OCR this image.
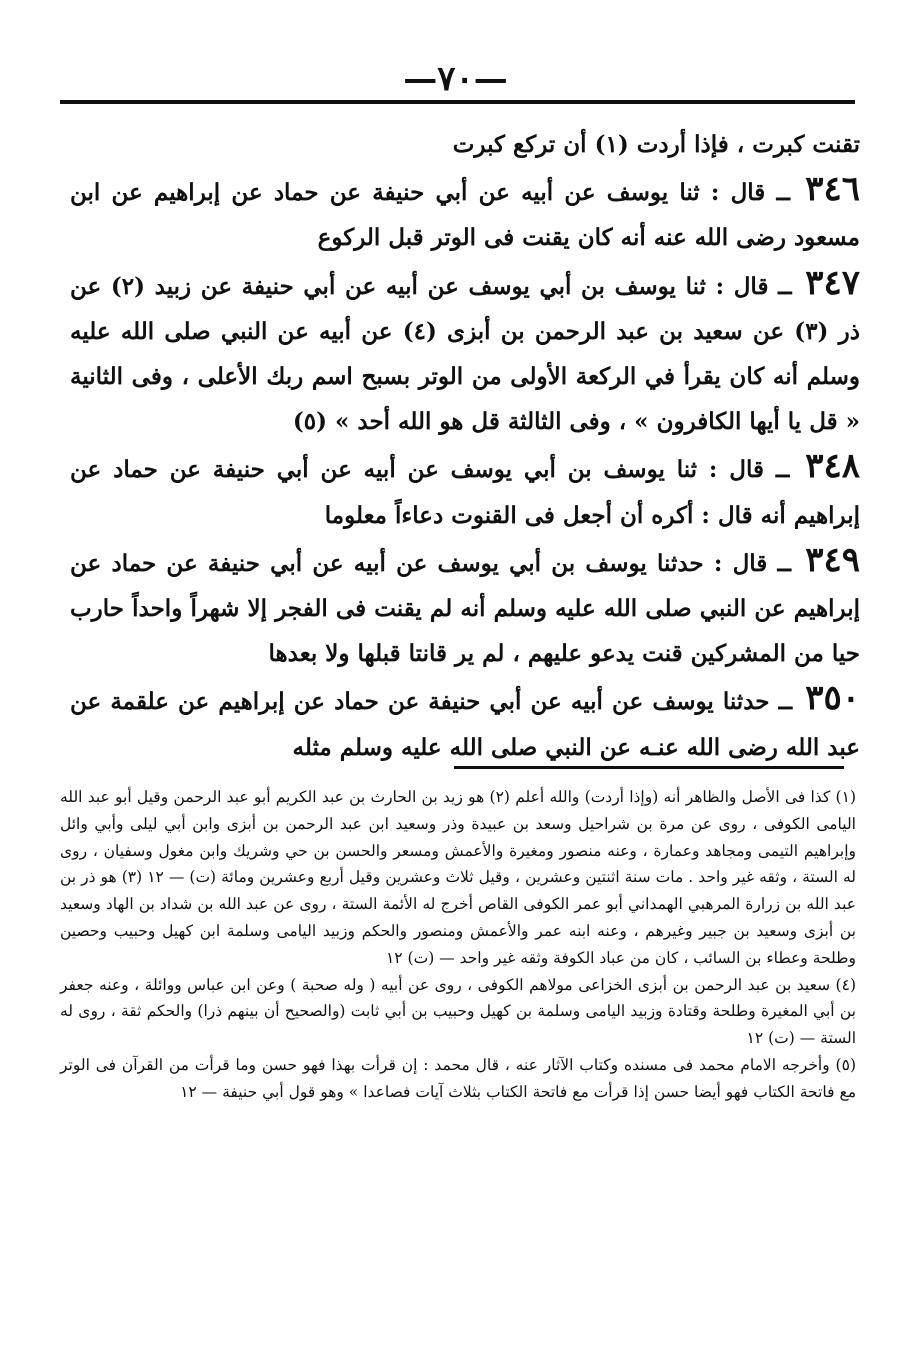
—٧٠—

تقنت كبرت ، فإذا أردت (١) أن تركع كبرت

٣٤٦ ــ قال : ثنا يوسف عن أبيه عن أبي حنيفة عن حماد عن إبراهيم عن ابن مسعود رضى الله عنه أنه كان يقنت فى الوتر قبل الركوع

٣٤٧ ــ قال : ثنا يوسف بن أبي يوسف عن أبيه عن أبي حنيفة عن زبيد (٢) عن ذر (٣) عن سعيد بن عبد الرحمن بن أبزى (٤) عن أبيه عن النبي صلى الله عليه وسلم أنه كان يقرأ في الركعة الأولى من الوتر بسبح اسم ربك الأعلى ، وفى الثانية « قل يا أيها الكافرون » ، وفى الثالثة قل هو الله أحد » (٥)

٣٤٨ ــ قال : ثنا يوسف بن أبي يوسف عن أبيه عن أبي حنيفة عن حماد عن إبراهيم أنه قال : أكره أن أجعل فى القنوت دعاءاً معلوما

٣٤٩ ــ قال : حدثنا يوسف بن أبي يوسف عن أبيه عن أبي حنيفة عن حماد عن إبراهيم عن النبي صلى الله عليه وسلم أنه لم يقنت فى الفجر إلا شهراً واحداً حارب حيا من المشركين قنت يدعو عليهم ، لم ير قانتا قبلها ولا بعدها

٣٥٠ ــ حدثنا يوسف عن أبيه عن أبي حنيفة عن حماد عن إبراهيم عن علقمة عن عبد الله رضى الله عنـه عن النبي صلى الله عليه وسلم مثله

(١) كذا فى الأصل والظاهر أنه (وإذا أردت) والله أعلم (٢) هو زيد بن الحارث بن عبد الكريم أبو عبد الرحمن وقيل أبو عبد الله اليامى الكوفى ، روى عن مرة بن شراحيل وسعد بن عبيدة وذر وسعيد ابن عبد الرحمن بن أبزى وابن أبي ليلى وأبي وائل وإبراهيم التيمى ومجاهد وعمارة ، وعنه منصور ومغيرة والأعمش ومسعر والحسن بن حي وشريك وابن مغول وسفيان ، روى له الستة ، وثقه غير واحد . مات سنة اثنتين وعشرين ، وقيل ثلاث وعشرين وقيل أربع وعشرين ومائة (ت) — ١٢ (٣) هو ذر بن عبد الله بن زرارة المرهبي الهمداني أبو عمر الكوفى القاص أخرج له الأئمة الستة ، روى عن عبد الله بن شداد بن الهاد وسعيد بن أبزى وسعيد بن جبير وغيرهم ، وعنه ابنه عمر والأعمش ومنصور والحكم وزبيد اليامى وسلمة ابن كهيل وحبيب وحصين وطلحة وعطاء بن السائب ، كان من عباد الكوفة وثقه غير واحد — (ت) ١٢

(٤) سعيد بن عبد الرحمن بن أبزى الخزاعى مولاهم الكوفى ، روى عن أبيه ( وله صحبة ) وعن ابن عباس ووائلة ، وعنه جعفر بن أبي المغيرة وطلحة وقتادة وزبيد اليامى وسلمة بن كهيل وحبيب بن أبي ثابت (والصحيح أن بينهم ذرا) والحكم ثقة ، روى له الستة — (ت) ١٢

(٥) وأخرجه الامام محمد فى مسنده وكتاب الآثار عنه ، قال محمد : إن قرأت بهذا فهو حسن وما قرأت من القرآن فى الوتر مع فاتحة الكتاب فهو أيضا حسن إذا قرأت مع فاتحة الكتاب بثلاث آيات فصاعدا » وهو قول أبي حنيفة — ١٢
